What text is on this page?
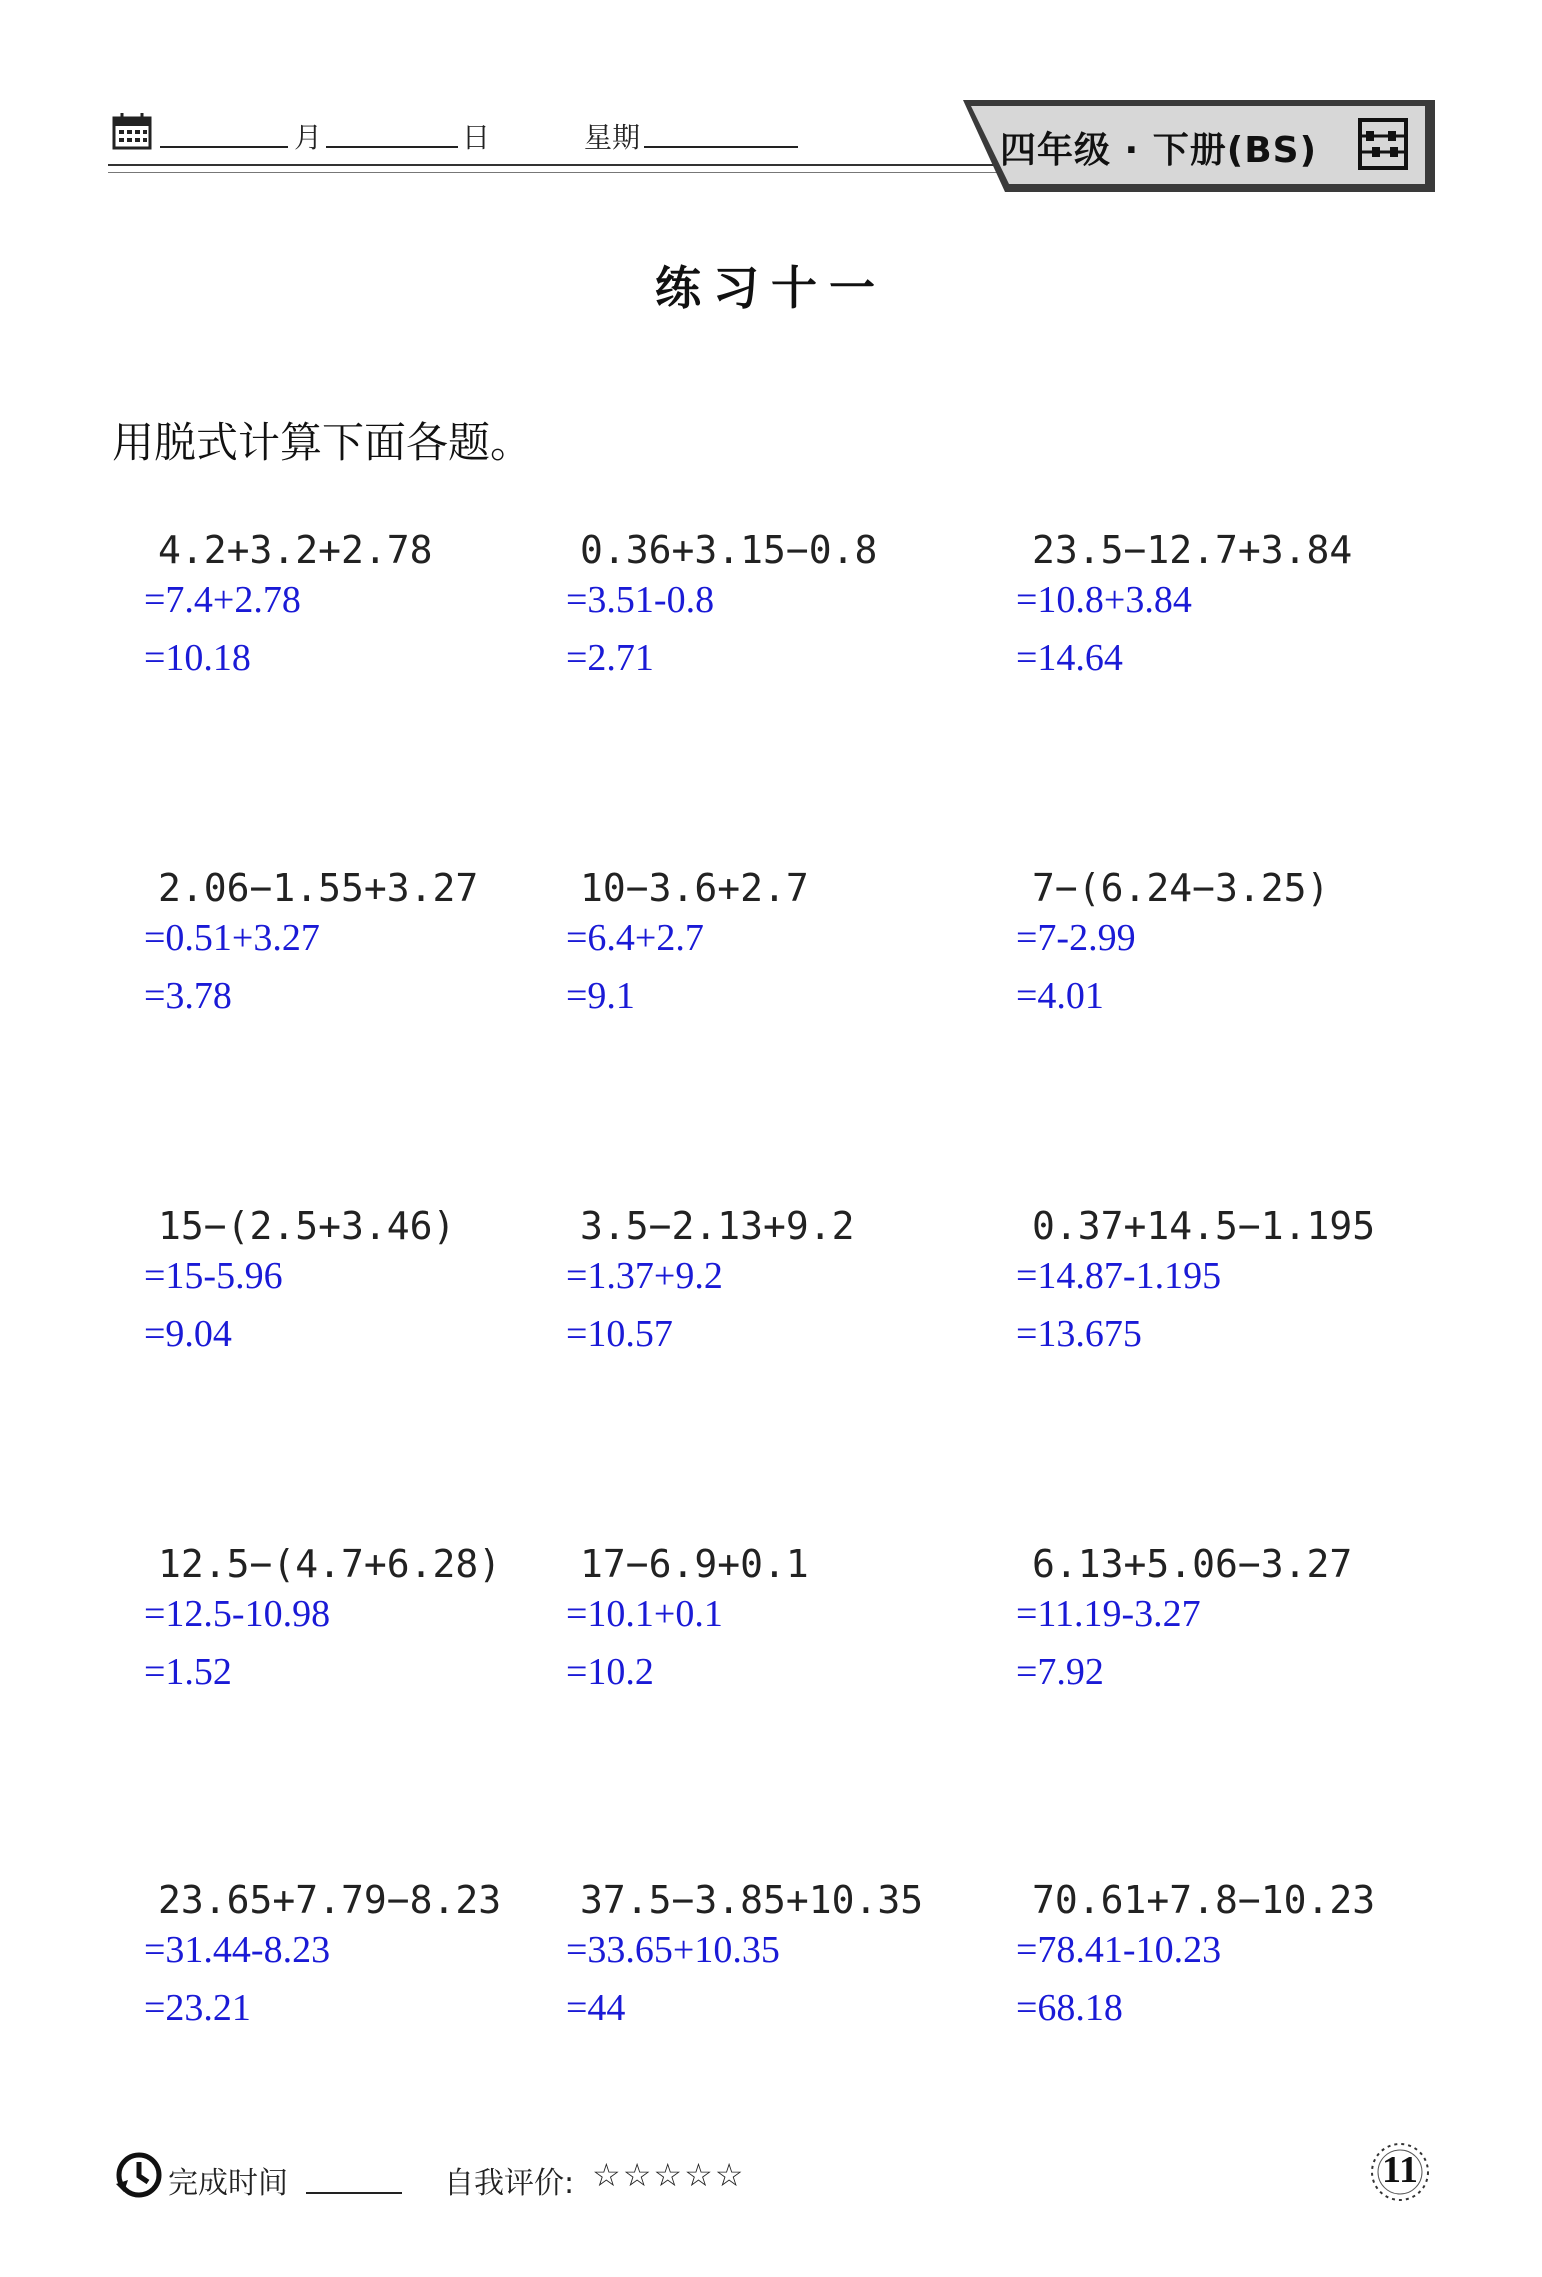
月	日	星期	四年级 · 下册(BS)
练习十一
用脱式计算下面各题。
4.2+3.2+2.78
=7.4+2.78
=10.18
0.36+3.15−0.8
=3.51-0.8
=2.71
23.5−12.7+3.84
=10.8+3.84
=14.64
2.06−1.55+3.27
=0.51+3.27
=3.78
10−3.6+2.7
=6.4+2.7
=9.1
7−(6.24−3.25)
=7-2.99
=4.01
15−(2.5+3.46)
=15-5.96
=9.04
3.5−2.13+9.2
=1.37+9.2
=10.57
0.37+14.5−1.195
=14.87-1.195
=13.675
12.5−(4.7+6.28)
=12.5-10.98
=1.52
17−6.9+0.1
=10.1+0.1
=10.2
6.13+5.06−3.27
=11.19-3.27
=7.92
23.65+7.79−8.23
=31.44-8.23
=23.21
37.5−3.85+10.35
=33.65+10.35
=44
70.61+7.8−10.23
=78.41-10.23
=68.18
完成时间	自我评价: ☆☆☆☆☆	11
